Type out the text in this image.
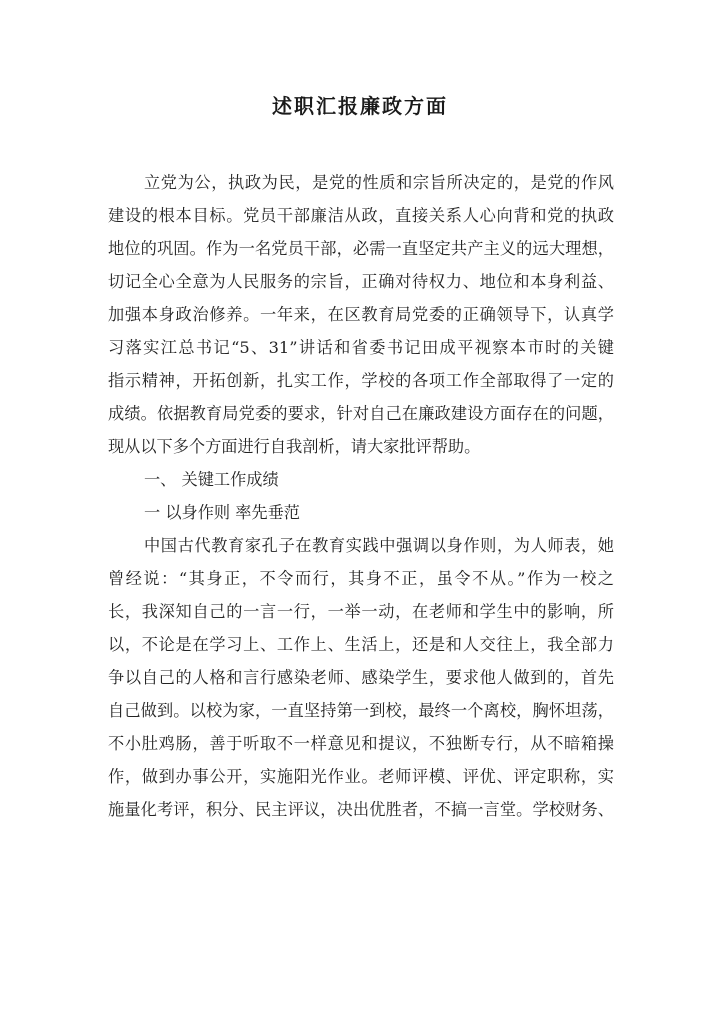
述职汇报廉政方面
立党为公，执政为民，是党的性质和宗旨所决定的，是党的作风
建设的根本目标。党员干部廉洁从政，直接关系人心向背和党的执政
地位的巩固。作为一名党员干部，必需一直坚定共产主义的远大理想，
切记全心全意为人民服务的宗旨，正确对待权力、地位和本身利益、
加强本身政治修养。一年来，在区教育局党委的正确领导下，认真学
习落实江总书记“5、31”讲话和省委书记田成平视察本市时的关键
指示精神，开拓创新，扎实工作，学校的各项工作全部取得了一定的
成绩。依据教育局党委的要求，针对自己在廉政建设方面存在的问题，
现从以下多个方面进行自我剖析，请大家批评帮助。
一、 关键工作成绩
一 以身作则 率先垂范
中国古代教育家孔子在教育实践中强调以身作则，为人师表，她
曾经说：“其身正，不令而行，其身不正，虽令不从。”作为一校之
长，我深知自己的一言一行，一举一动，在老师和学生中的影响，所
以，不论是在学习上、工作上、生活上，还是和人交往上，我全部力
争以自己的人格和言行感染老师、感染学生，要求他人做到的，首先
自己做到。以校为家，一直坚持第一到校，最终一个离校，胸怀坦荡，
不小肚鸡肠，善于听取不一样意见和提议，不独断专行，从不暗箱操
作，做到办事公开，实施阳光作业。老师评模、评优、评定职称，实
施量化考评，积分、民主评议，决出优胜者，不搞一言堂。学校财务、
